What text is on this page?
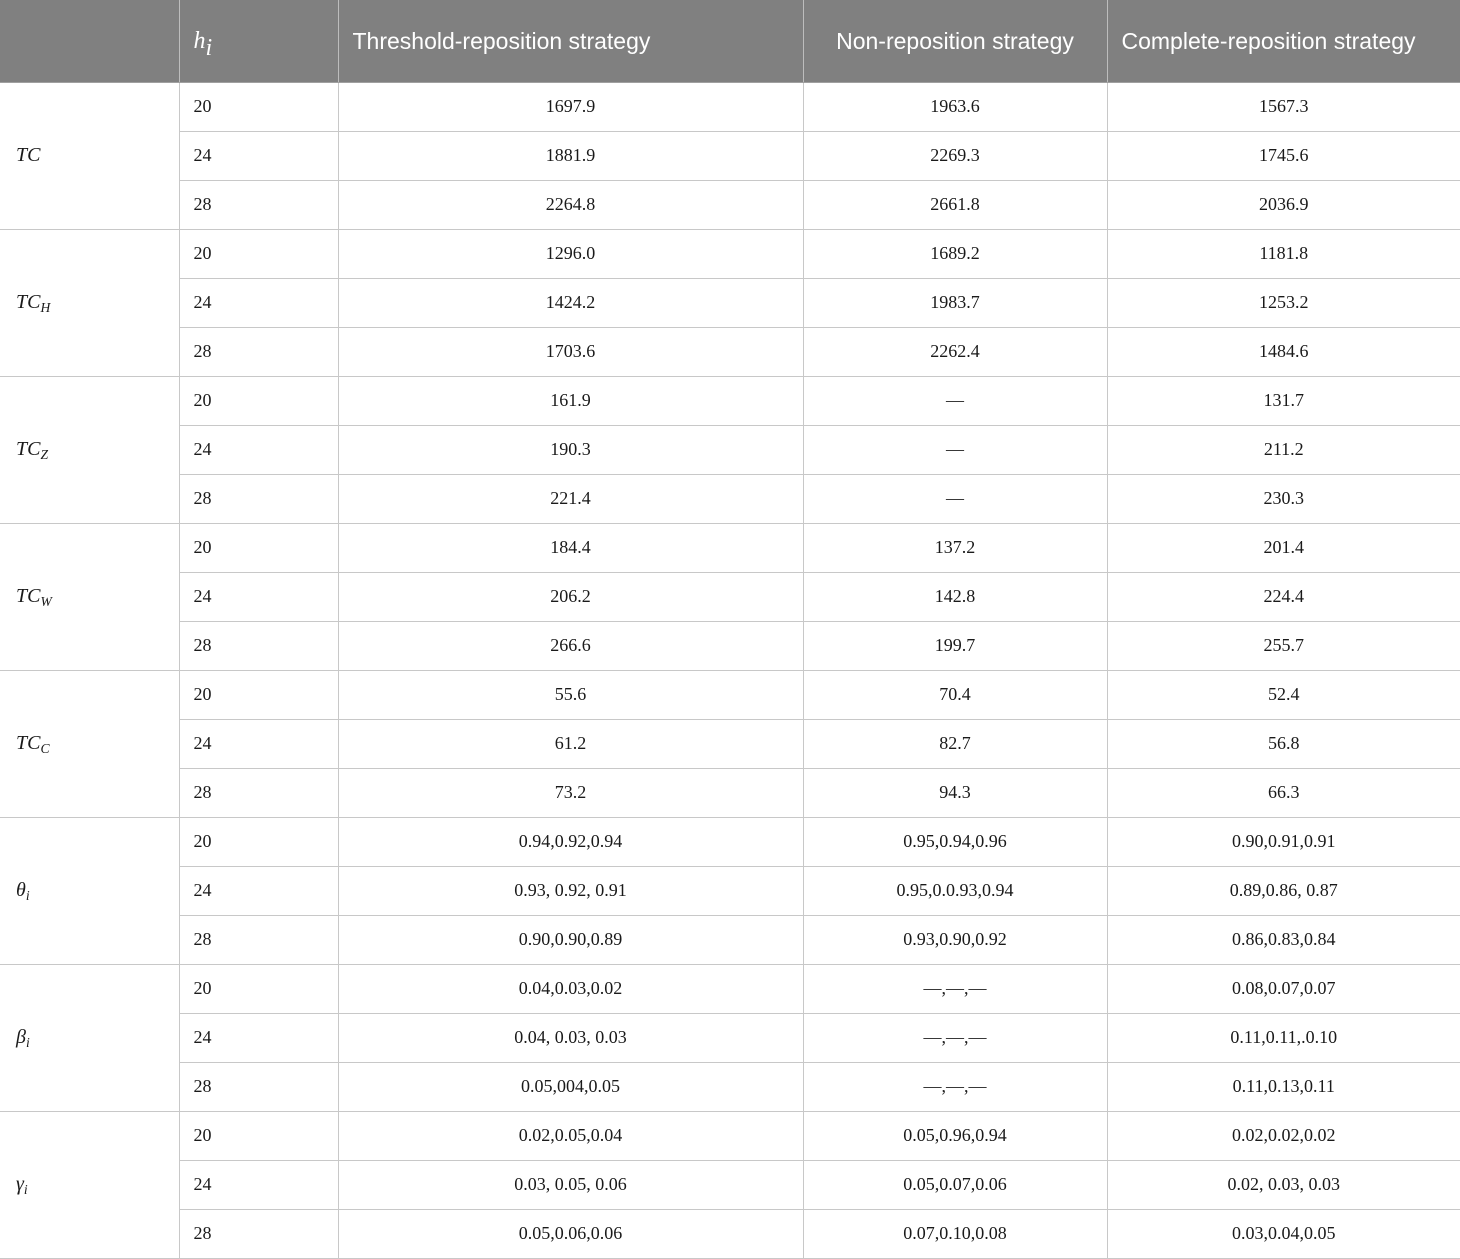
	$h_i$	Threshold-reposition strategy	Non-reposition strategy	Complete-reposition strategy
TC	20	1697.9	1963.6	1567.3
	24	1881.9	2269.3	1745.6
	28	2264.8	2661.8	2036.9
$TC_H$	20	1296.0	1689.2	1181.8
	24	1424.2	1983.7	1253.2
	28	1703.6	2262.4	1484.6
$TC_Z$	20	161.9	—	131.7
	24	190.3	—	211.2
	28	221.4	—	230.3
$TC_W$	20	184.4	137.2	201.4
	24	206.2	142.8	224.4
	28	266.6	199.7	255.7
$TC_C$	20	55.6	70.4	52.4
	24	61.2	82.7	56.8
	28	73.2	94.3	66.3
$\theta_i$	20	0.94,0.92,0.94	0.95,0.94,0.96	0.90,0.91,0.91
	24	0.93, 0.92, 0.91	0.95,0.0.93,0.94	0.89,0.86, 0.87
	28	0.90,0.90,0.89	0.93,0.90,0.92	0.86,0.83,0.84
$\beta_i$	20	0.04,0.03,0.02	—,—,—	0.08,0.07,0.07
	24	0.04, 0.03, 0.03	—,—,—	0.11,0.11,.0.10
	28	0.05,004,0.05	—,—,—	0.11,0.13,0.11
$\gamma_i$	20	0.02,0.05,0.04	0.05,0.96,0.94	0.02,0.02,0.02
	24	0.03, 0.05, 0.06	0.05,0.07,0.06	0.02, 0.03, 0.03
	28	0.05,0.06,0.06	0.07,0.10,0.08	0.03,0.04,0.05
